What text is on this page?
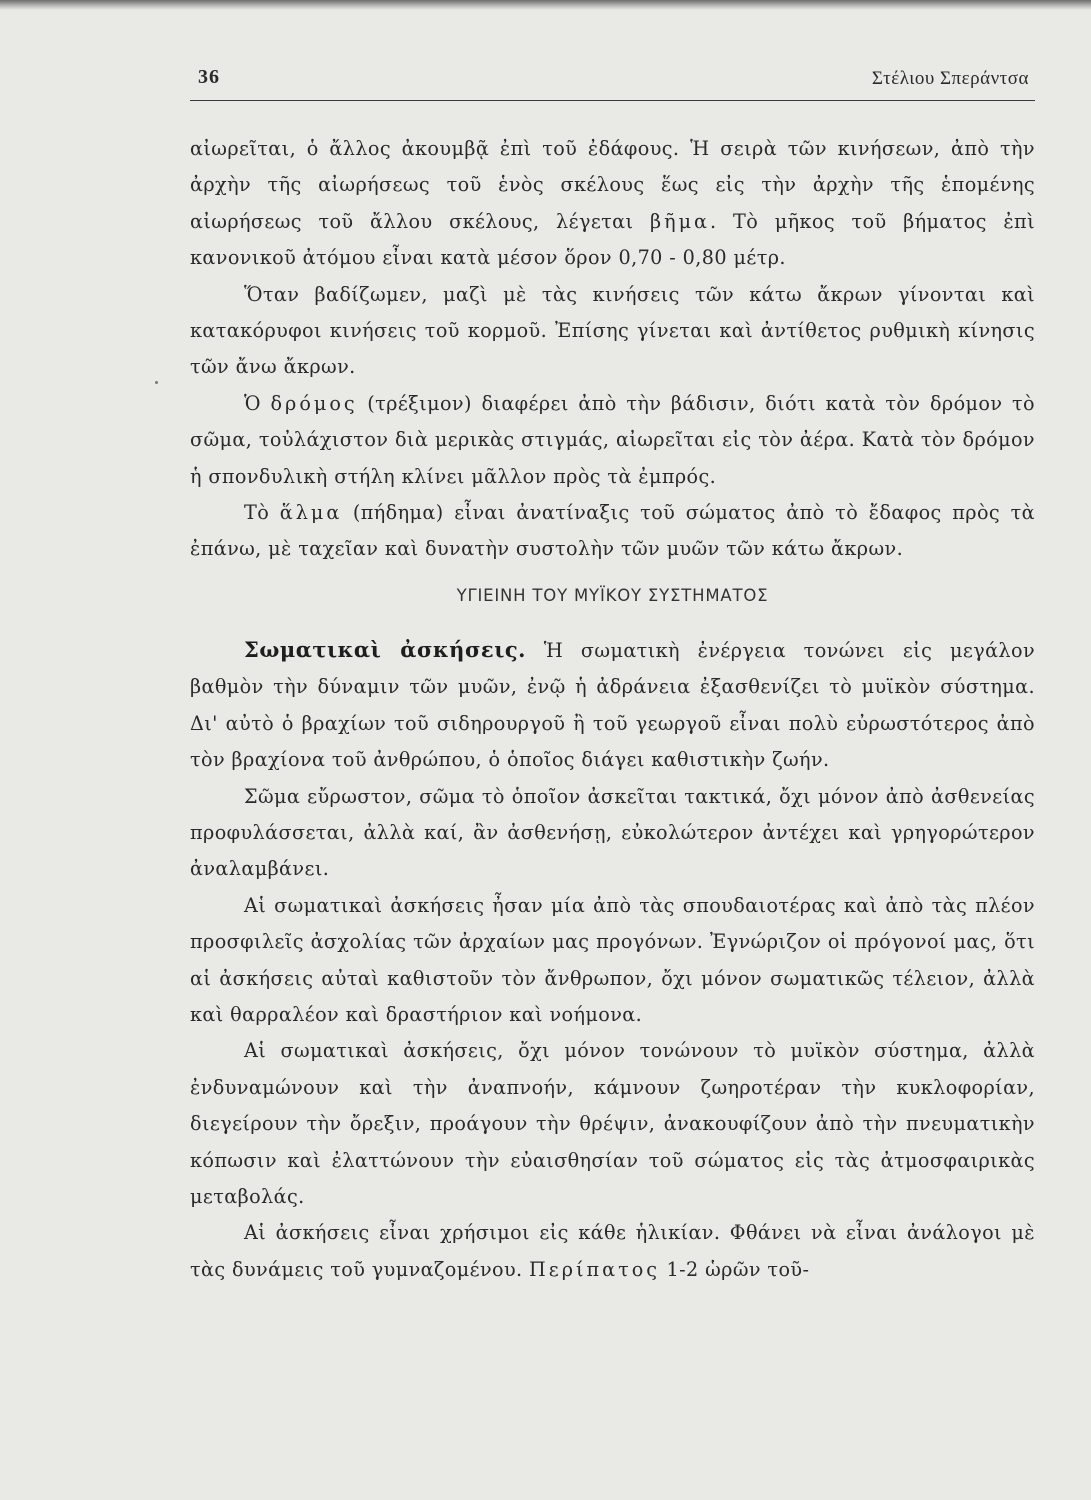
36	Στέλιου Σπεράντσα

αἰωρεῖται, ὁ ἄλλος ἀκουμβᾷ ἐπὶ τοῦ ἐδάφους. Ἡ σειρὰ τῶν κινήσεων, ἀπὸ τὴν ἀρχὴν τῆς αἰωρήσεως τοῦ ἑνὸς σκέλους ἕως εἰς τὴν ἀρχὴν τῆς ἑπομένης αἰωρήσεως τοῦ ἄλλου σκέλους, λέγεται βῆμα. Τὸ μῆκος τοῦ βήματος ἐπὶ κανονικοῦ ἀτόμου εἶναι κατὰ μέσον ὅρον 0,70 - 0,80 μέτρ.

Ὅταν βαδίζωμεν, μαζὶ μὲ τὰς κινήσεις τῶν κάτω ἄκρων γίνονται καὶ κατακόρυφοι κινήσεις τοῦ κορμοῦ. Ἐπίσης γίνεται καὶ ἀντίθετος ρυθμικὴ κίνησις τῶν ἄνω ἄκρων.

Ὁ δρόμος (τρέξιμον) διαφέρει ἀπὸ τὴν βάδισιν, διότι κατὰ τὸν δρόμον τὸ σῶμα, τοὐλάχιστον διὰ μερικὰς στιγμάς, αἰωρεῖται εἰς τὸν ἀέρα. Κατὰ τὸν δρόμον ἡ σπονδυλικὴ στήλη κλίνει μᾶλλον πρὸς τὰ ἐμπρός.

Τὸ ἅλμα (πήδημα) εἶναι ἀνατίναξις τοῦ σώματος ἀπὸ τὸ ἔδαφος πρὸς τὰ ἐπάνω, μὲ ταχεῖαν καὶ δυνατὴν συστολὴν τῶν μυῶν τῶν κάτω ἄκρων.

ΥΓΙΕΙΝΗ ΤΟΥ ΜΥΪΚΟΥ ΣΥΣΤΗΜΑΤΟΣ

Σωματικαὶ ἀσκήσεις. Ἡ σωματικὴ ἐνέργεια τονώνει εἰς μεγάλον βαθμὸν τὴν δύναμιν τῶν μυῶν, ἐνῷ ἡ ἀδράνεια ἐξασθενίζει τὸ μυϊκὸν σύστημα. Δι' αὐτὸ ὁ βραχίων τοῦ σιδηρουργοῦ ἢ τοῦ γεωργοῦ εἶναι πολὺ εὐρωστότερος ἀπὸ τὸν βραχίονα τοῦ ἀνθρώπου, ὁ ὁποῖος διάγει καθιστικὴν ζωήν.

Σῶμα εὔρωστον, σῶμα τὸ ὁποῖον ἀσκεῖται τακτικά, ὄχι μόνον ἀπὸ ἀσθενείας προφυλάσσεται, ἀλλὰ καί, ἂν ἀσθενήσῃ, εὐκολώτερον ἀντέχει καὶ γρηγορώτερον ἀναλαμβάνει.

Αἱ σωματικαὶ ἀσκήσεις ἦσαν μία ἀπὸ τὰς σπουδαιοτέρας καὶ ἀπὸ τὰς πλέον προσφιλεῖς ἀσχολίας τῶν ἀρχαίων μας προγόνων. Ἐγνώριζον οἱ πρόγονοί μας, ὅτι αἱ ἀσκήσεις αὐταὶ καθιστοῦν τὸν ἄνθρωπον, ὄχι μόνον σωματικῶς τέλειον, ἀλλὰ καὶ θαρραλέον καὶ δραστήριον καὶ νοήμονα.

Αἱ σωματικαὶ ἀσκήσεις, ὄχι μόνον τονώνουν τὸ μυϊκὸν σύστημα, ἀλλὰ ἐνδυναμώνουν καὶ τὴν ἀναπνοήν, κάμνουν ζωηροτέραν τὴν κυκλοφορίαν, διεγείρουν τὴν ὄρεξιν, προάγουν τὴν θρέψιν, ἀνακουφίζουν ἀπὸ τὴν πνευματικὴν κόπωσιν καὶ ἐλαττώνουν τὴν εὐαισθησίαν τοῦ σώματος εἰς τὰς ἀτμοσφαιρικὰς μεταβολάς.

Αἱ ἀσκήσεις εἶναι χρήσιμοι εἰς κάθε ἡλικίαν. Φθάνει νὰ εἶναι ἀνάλογοι μὲ τὰς δυνάμεις τοῦ γυμναζομένου. Περίπατος 1-2 ὡρῶν τοῦ-
